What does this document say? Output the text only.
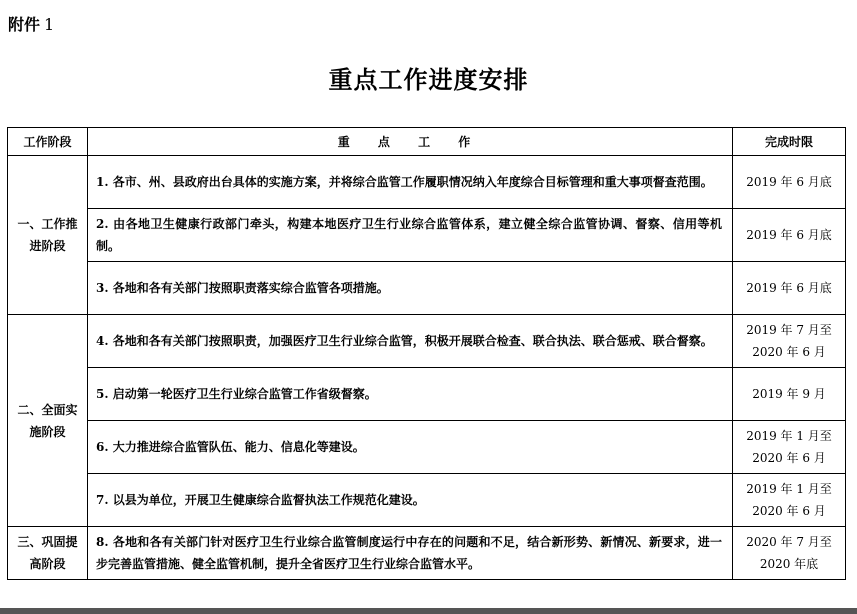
附件 1
重点工作进度安排
工作阶段	重 点 工 作	完成时限
一、工作推进阶段	1. 各市、州、县政府出台具体的实施方案，并将综合监管工作履职情况纳入年度综合目标管理和重大事项督查范围。	2019 年 6 月底
	2. 由各地卫生健康行政部门牵头，构建本地医疗卫生行业综合监管体系，建立健全综合监管协调、督察、信用等机制。	2019 年 6 月底
	3. 各地和各有关部门按照职责落实综合监管各项措施。	2019 年 6 月底
二、全面实施阶段	4. 各地和各有关部门按照职责，加强医疗卫生行业综合监管，积极开展联合检查、联合执法、联合惩戒、联合督察。	2019 年 7 月至 2020 年 6 月
	5. 启动第一轮医疗卫生行业综合监管工作省级督察。	2019 年 9 月
	6. 大力推进综合监管队伍、能力、信息化等建设。	2019 年 1 月至 2020 年 6 月
	7. 以县为单位，开展卫生健康综合监督执法工作规范化建设。	2019 年 1 月至 2020 年 6 月
三、巩固提高阶段	8. 各地和各有关部门针对医疗卫生行业综合监管制度运行中存在的问题和不足，结合新形势、新情况、新要求，进一步完善监管措施、健全监管机制，提升全省医疗卫生行业综合监管水平。	2020 年 7 月至 2020 年底
